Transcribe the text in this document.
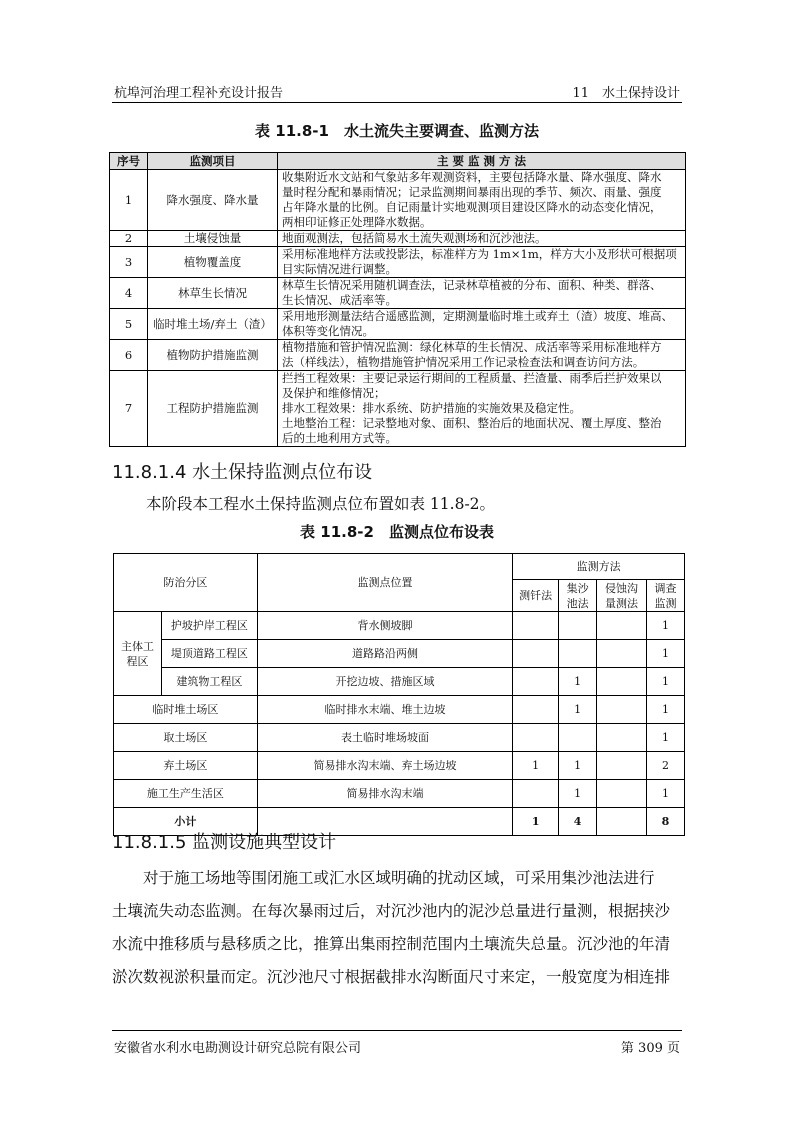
杭埠河治理工程补充设计报告	11　水土保持设计
表 11.8-1　水土流失主要调查、监测方法
序号	监测项目	主 要 监 测 方 法
1	降水强度、降水量	收集附近水文站和气象站多年观测资料，主要包括降水量、降水强度、降水
量时程分配和暴雨情况；记录监测期间暴雨出现的季节、频次、雨量、强度
占年降水量的比例。自记雨量计实地观测项目建设区降水的动态变化情况，
两相印证修正处理降水数据。

2	土壤侵蚀量	地面观测法，包括简易水土流失观测场和沉沙池法。

3	植物覆盖度	采用标准地样方法或投影法，标准样方为 1m×1m，样方大小及形状可根据项
目实际情况进行调整。

4	林草生长情况	林草生长情况采用随机调查法，记录林草植被的分布、面积、种类、群落、
生长情况、成活率等。

5	临时堆土场/弃土（渣）	采用地形测量法结合遥感监测，定期测量临时堆土或弃土（渣）坡度、堆高、
体积等变化情况。

6	植物防护措施监测	植物措施和管护情况监测：绿化林草的生长情况、成活率等采用标准地样方
法（样线法），植物措施管护情况采用工作记录检查法和调查访问方法。

7	工程防护措施监测	拦挡工程效果：主要记录运行期间的工程质量、拦渣量、雨季后拦护效果以
及保护和维修情况；
排水工程效果：排水系统、防护措施的实施效果及稳定性。
土地整治工程：记录整地对象、面积、整治后的地面状况、覆土厚度、整治
后的土地利用方式等。
11.8.1.4 水土保持监测点位布设
本阶段本工程水土保持监测点位布置如表 11.8-2。
表 11.8-2　监测点位布设表
防治分区		监测点位置	监测方法			
			测钎法	集沙池法	侵蚀沟量测法	调查监测
主体工程区	护坡护岸工程区	背水侧坡脚				1
	堤顶道路工程区	道路路沿两侧				1
	建筑物工程区	开挖边坡、措施区域		1		1
临时堆土场区		临时排水末端、堆土边坡		1		1
取土场区		表土临时堆场坡面				1
弃土场区		简易排水沟末端、弃土场边坡	1	1		2
施工生产生活区		简易排水沟末端		1		1
小计			1	4		8
11.8.1.5 监测设施典型设计
　　对于施工场地等围闭施工或汇水区域明确的扰动区域，可采用集沙池法进行
土壤流失动态监测。在每次暴雨过后，对沉沙池内的泥沙总量进行量测，根据挟沙
水流中推移质与悬移质之比，推算出集雨控制范围内土壤流失总量。沉沙池的年清
淤次数视淤积量而定。沉沙池尺寸根据截排水沟断面尺寸来定，一般宽度为相连排
安徽省水利水电勘测设计研究总院有限公司	第 309 页
